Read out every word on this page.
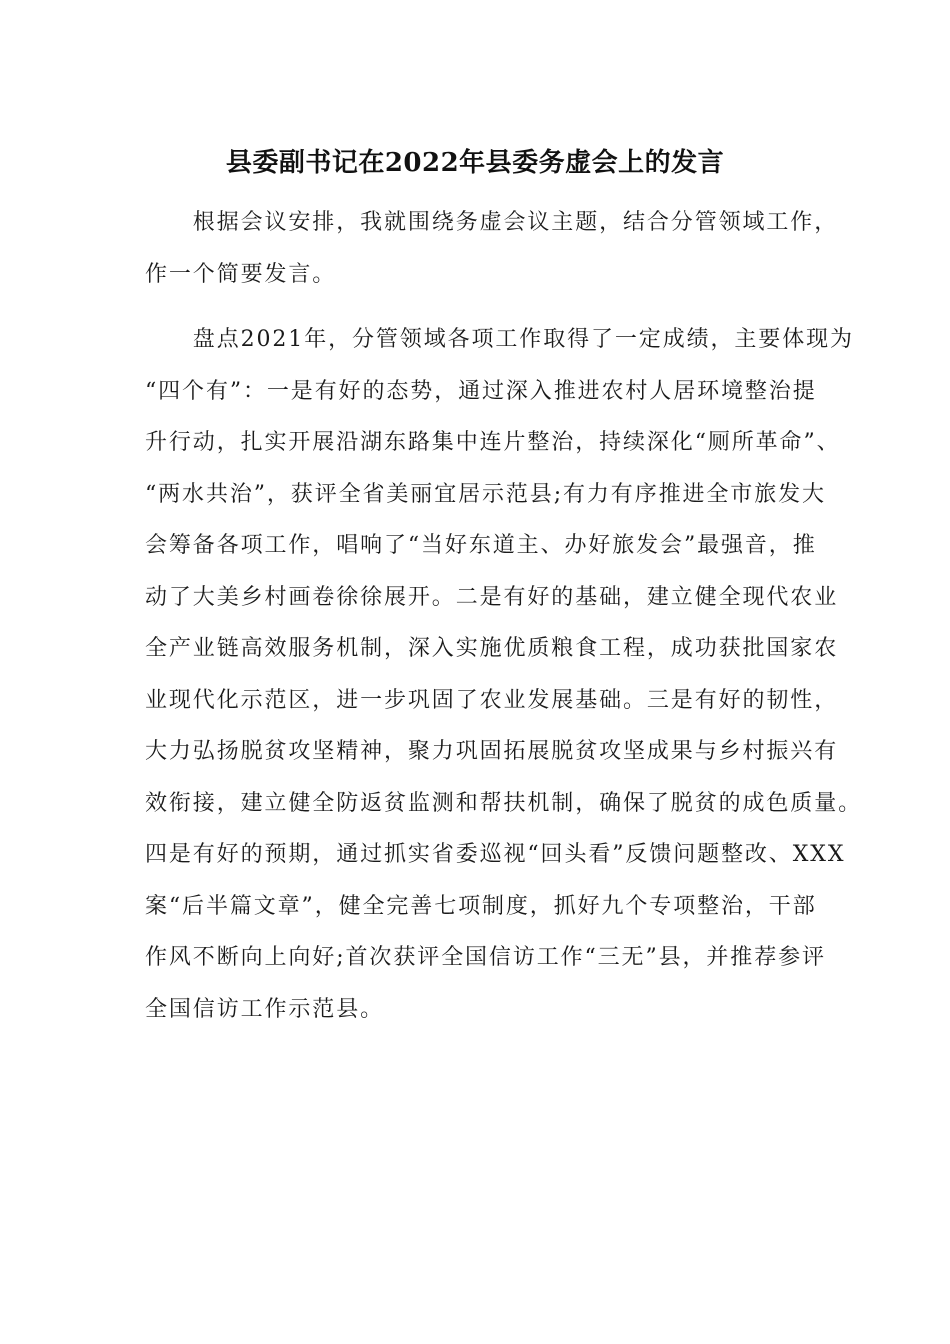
县委副书记在2022年县委务虚会上的发言
　　根据会议安排，我就围绕务虚会议主题，结合分管领域工作，
作一个简要发言。
　　盘点2021年，分管领域各项工作取得了一定成绩，主要体现为
“四个有”：一是有好的态势，通过深入推进农村人居环境整治提
升行动，扎实开展沿湖东路集中连片整治，持续深化“厕所革命”、
“两水共治”，获评全省美丽宜居示范县;有力有序推进全市旅发大
会筹备各项工作，唱响了“当好东道主、办好旅发会”最强音，推
动了大美乡村画卷徐徐展开。二是有好的基础，建立健全现代农业
全产业链高效服务机制，深入实施优质粮食工程，成功获批国家农
业现代化示范区，进一步巩固了农业发展基础。三是有好的韧性，
大力弘扬脱贫攻坚精神，聚力巩固拓展脱贫攻坚成果与乡村振兴有
效衔接，建立健全防返贫监测和帮扶机制，确保了脱贫的成色质量。
四是有好的预期，通过抓实省委巡视“回头看”反馈问题整改、XXX
案“后半篇文章”，健全完善七项制度，抓好九个专项整治，干部
作风不断向上向好;首次获评全国信访工作“三无”县，并推荐参评
全国信访工作示范县。
